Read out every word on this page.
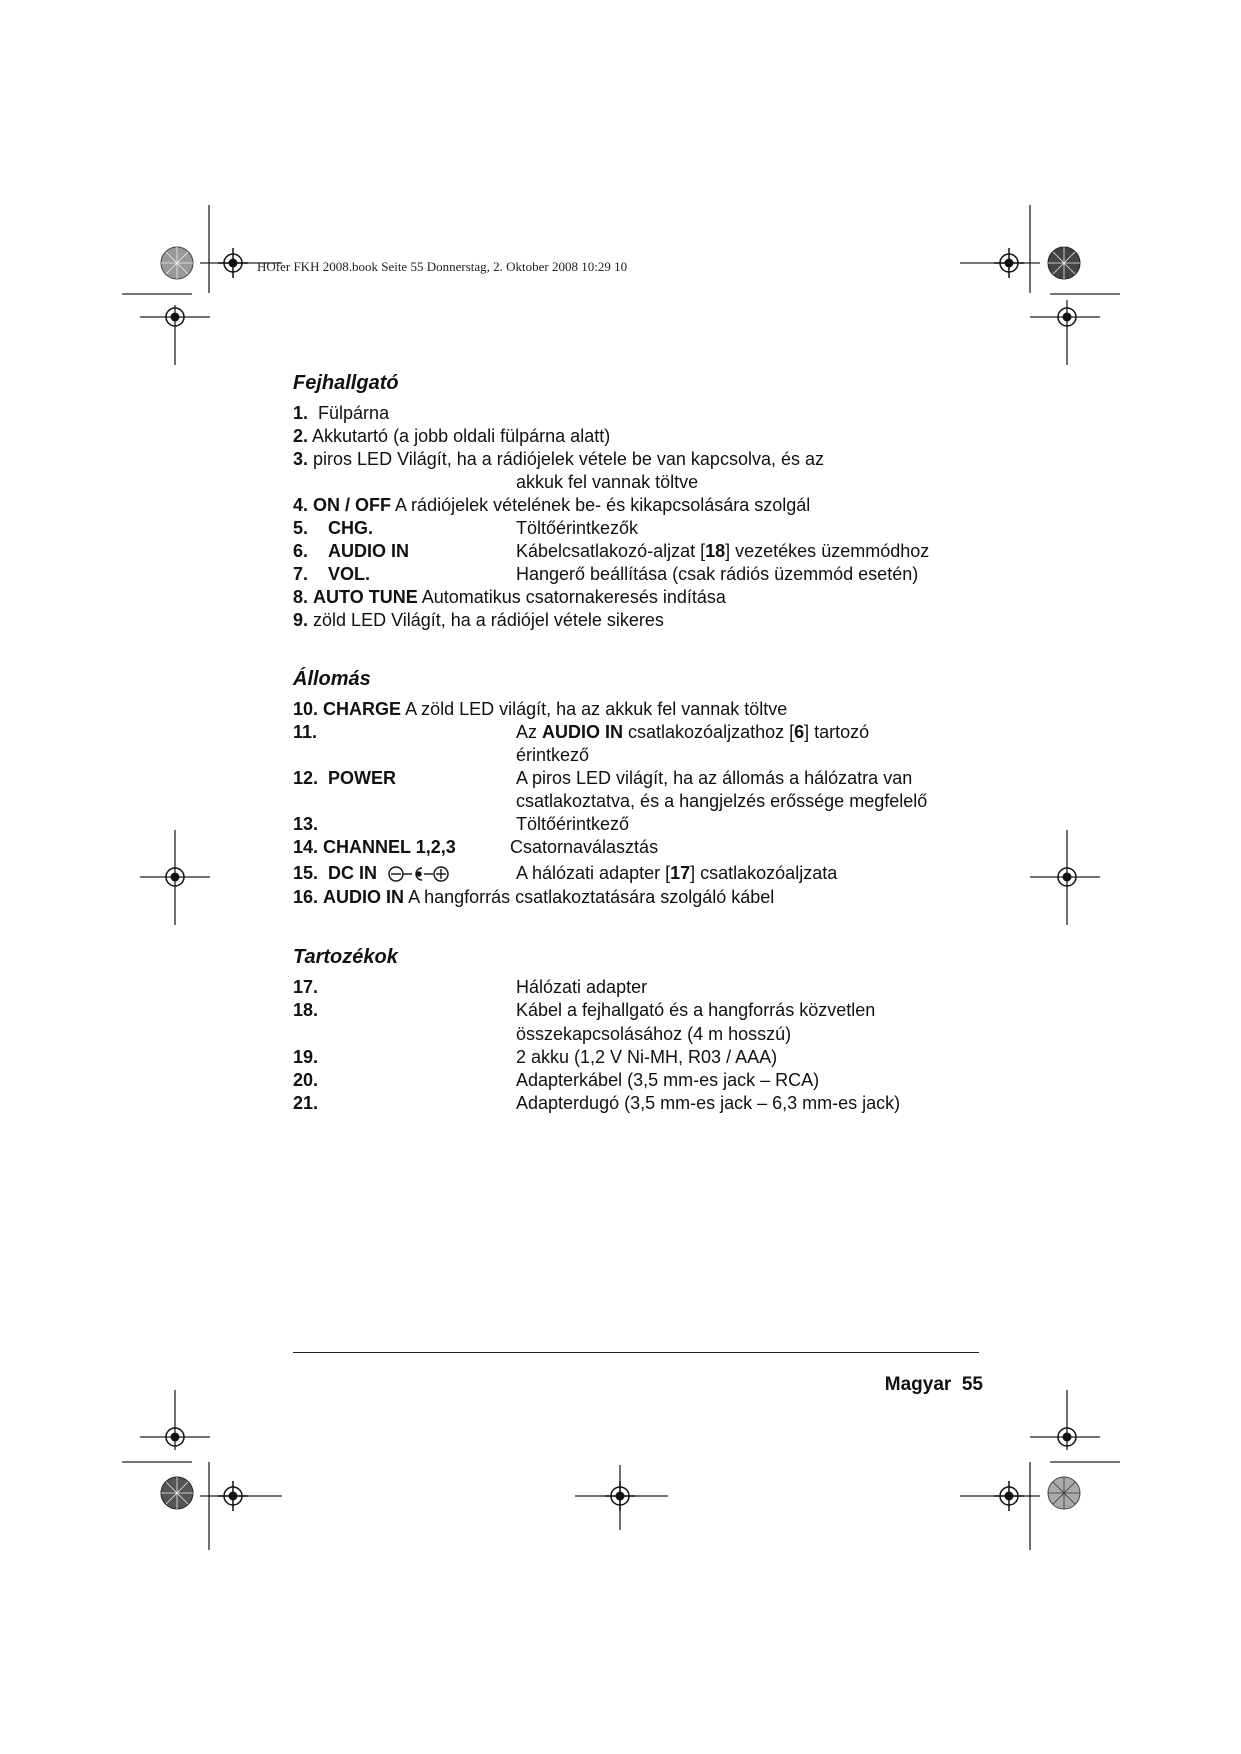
HOfer FKH 2008.book Seite 55 Donnerstag, 2. Oktober 2008 10:29 10
Fejhallgató
1. Fülpárna
2. Akkutartó (a jobb oldali fülpárna alatt)
3. piros LED Világít, ha a rádiójelek vétele be van kapcsolva, és az
akkuk fel vannak töltve
4. ON / OFF A rádiójelek vételének be- és kikapcsolására szolgál
5. CHG.	Töltőérintkezők
6. AUDIO IN	Kábelcsatlakozó-aljzat [18] vezetékes üzemmódhoz
7. VOL.	Hangerő beállítása (csak rádiós üzemmód esetén)
8. AUTO TUNE Automatikus csatornakeresés indítása
9. zöld LED Világít, ha a rádiójel vétele sikeres
Állomás
10. CHARGE A zöld LED világít, ha az akkuk fel vannak töltve
11.	Az AUDIO IN csatlakozóaljzathoz [6] tartozó
érintkező
12. POWER	A piros LED világít, ha az állomás a hálózatra van
csatlakoztatva, és a hangjelzés erőssége megfelelő
13.	Töltőérintkező
14. CHANNEL 1,2,3	Csatornaválasztás
15. DC IN	A hálózati adapter [17] csatlakozóaljzata
16. AUDIO IN A hangforrás csatlakoztatására szolgáló kábel
Tartozékok
17.	Hálózati adapter
18.	Kábel a fejhallgató és a hangforrás közvetlen
összekapcsolásához (4 m hosszú)
19.	2 akku (1,2 V Ni-MH, R03 / AAA)
20.	Adapterkábel (3,5 mm-es jack – RCA)
21.	Adapterdugó (3,5 mm-es jack – 6,3 mm-es jack)
Magyar 55
